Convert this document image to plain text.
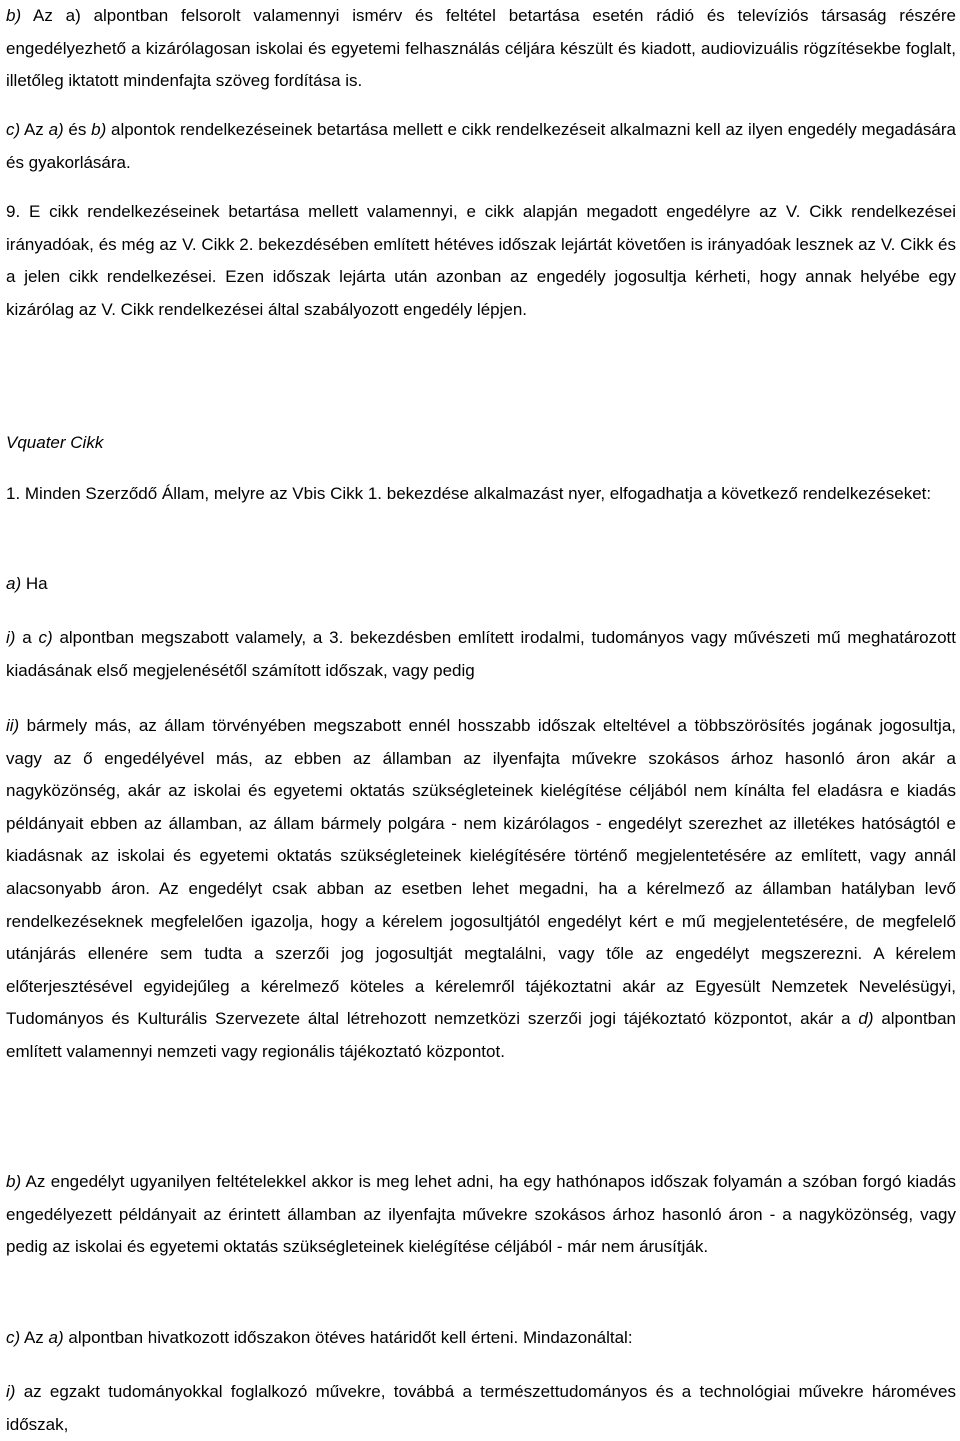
b) Az a) alpontban felsorolt valamennyi ismérv és feltétel betartása esetén rádió és televíziós társaság részére engedélyezhető a kizárólagosan iskolai és egyetemi felhasználás céljára készült és kiadott, audiovizuális rögzítésekbe foglalt, illetőleg iktatott mindenfajta szöveg fordítása is.

c) Az a) és b) alpontok rendelkezéseinek betartása mellett e cikk rendelkezéseit alkalmazni kell az ilyen engedély megadására és gyakorlására.

9. E cikk rendelkezéseinek betartása mellett valamennyi, e cikk alapján megadott engedélyre az V. Cikk rendelkezései irányadóak, és még az V. Cikk 2. bekezdésében említett hétéves időszak lejártát követően is irányadóak lesznek az V. Cikk és a jelen cikk rendelkezései. Ezen időszak lejárta után azonban az engedély jogosultja kérheti, hogy annak helyébe egy kizárólag az V. Cikk rendelkezései által szabályozott engedély lépjen.

Vquater Cikk

1. Minden Szerződő Állam, melyre az Vbis Cikk 1. bekezdése alkalmazást nyer, elfogadhatja a következő rendelkezéseket:

a) Ha

i) a c) alpontban megszabott valamely, a 3. bekezdésben említett irodalmi, tudományos vagy művészeti mű meghatározott kiadásának első megjelenésétől számított időszak, vagy pedig

ii) bármely más, az állam törvényében megszabott ennél hosszabb időszak elteltével a többszörösítés jogának jogosultja, vagy az ő engedélyével más, az ebben az államban az ilyenfajta művekre szokásos árhoz hasonló áron akár a nagyközönség, akár az iskolai és egyetemi oktatás szükségleteinek kielégítése céljából nem kínálta fel eladásra e kiadás példányait ebben az államban, az állam bármely polgára - nem kizárólagos - engedélyt szerezhet az illetékes hatóságtól e kiadásnak az iskolai és egyetemi oktatás szükségleteinek kielégítésére történő megjelentetésére az említett, vagy annál alacsonyabb áron. Az engedélyt csak abban az esetben lehet megadni, ha a kérelmező az államban hatályban levő rendelkezéseknek megfelelően igazolja, hogy a kérelem jogosultjától engedélyt kért e mű megjelentetésére, de megfelelő utánjárás ellenére sem tudta a szerzői jog jogosultját megtalálni, vagy tőle az engedélyt megszerezni. A kérelem előterjesztésével egyidejűleg a kérelmező köteles a kérelemről tájékoztatni akár az Egyesült Nemzetek Nevelésügyi, Tudományos és Kulturális Szervezete által létrehozott nemzetközi szerzői jogi tájékoztató központot, akár a d) alpontban említett valamennyi nemzeti vagy regionális tájékoztató központot.

b) Az engedélyt ugyanilyen feltételekkel akkor is meg lehet adni, ha egy hathónapos időszak folyamán a szóban forgó kiadás engedélyezett példányait az érintett államban az ilyenfajta művekre szokásos árhoz hasonló áron - a nagyközönség, vagy pedig az iskolai és egyetemi oktatás szükségleteinek kielégítése céljából - már nem árusítják.

c) Az a) alpontban hivatkozott időszakon ötéves határidőt kell érteni. Mindazonáltal:

i) az egzakt tudományokkal foglalkozó művekre, továbbá a természettudományos és a technológiai művekre hároméves időszak,
